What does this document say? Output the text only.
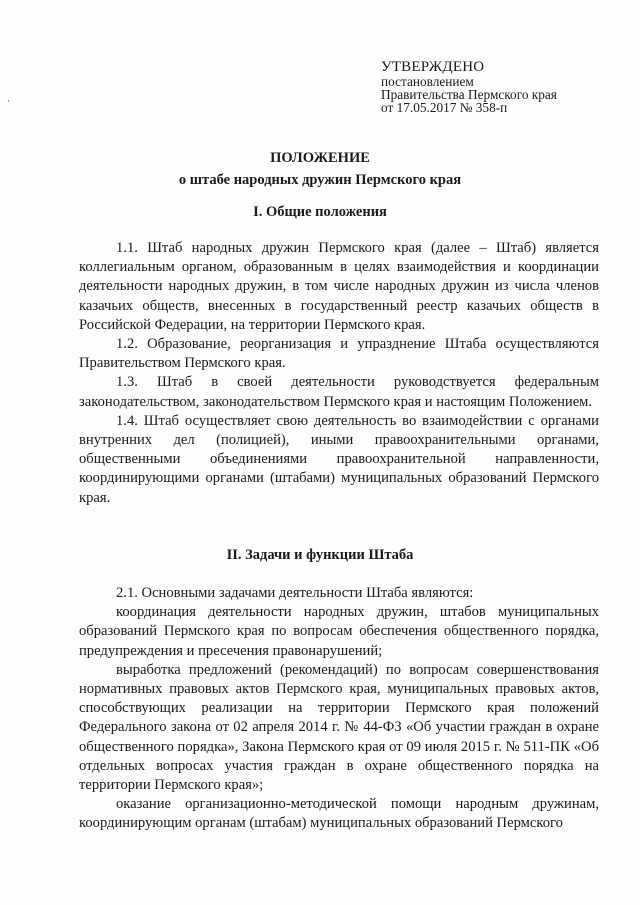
УТВЕРЖДЕНО
постановлением
Правительства Пермского края
от 17.05.2017 № 358-п
ПОЛОЖЕНИЕ
о штабе народных дружин Пермского края
I. Общие положения

1.1. Штаб народных дружин Пермского края (далее – Штаб) является коллегиальным органом, образованным в целях взаимодействия и координации деятельности народных дружин, в том числе народных дружин из числа членов казачьих обществ, внесенных в государственный реестр казачьих обществ в Российской Федерации, на территории Пермского края.

1.2. Образование, реорганизация и упразднение Штаба осуществляются Правительством Пермского края.

1.3. Штаб в своей деятельности руководствуется федеральным законодательством, законодательством Пермского края и настоящим Положением.

1.4. Штаб осуществляет свою деятельность во взаимодействии с органами внутренних дел (полицией), иными правоохранительными органами, общественными объединениями правоохранительной направленности, координирующими органами (штабами) муниципальных образований Пермского края.

II. Задачи и функции Штаба

2.1. Основными задачами деятельности Штаба являются:

координация деятельности народных дружин, штабов муниципальных образований Пермского края по вопросам обеспечения общественного порядка, предупреждения и пресечения правонарушений;

выработка предложений (рекомендаций) по вопросам совершенствования нормативных правовых актов Пермского края, муниципальных правовых актов, способствующих реализации на территории Пермского края положений Федерального закона от 02 апреля 2014 г. № 44-ФЗ «Об участии граждан в охране общественного порядка», Закона Пермского края от 09 июля 2015 г. № 511-ПК «Об отдельных вопросах участия граждан в охране общественного порядка на территории Пермского края»;

оказание организационно-методической помощи народным дружинам, координирующим органам (штабам) муниципальных образований Пермского
